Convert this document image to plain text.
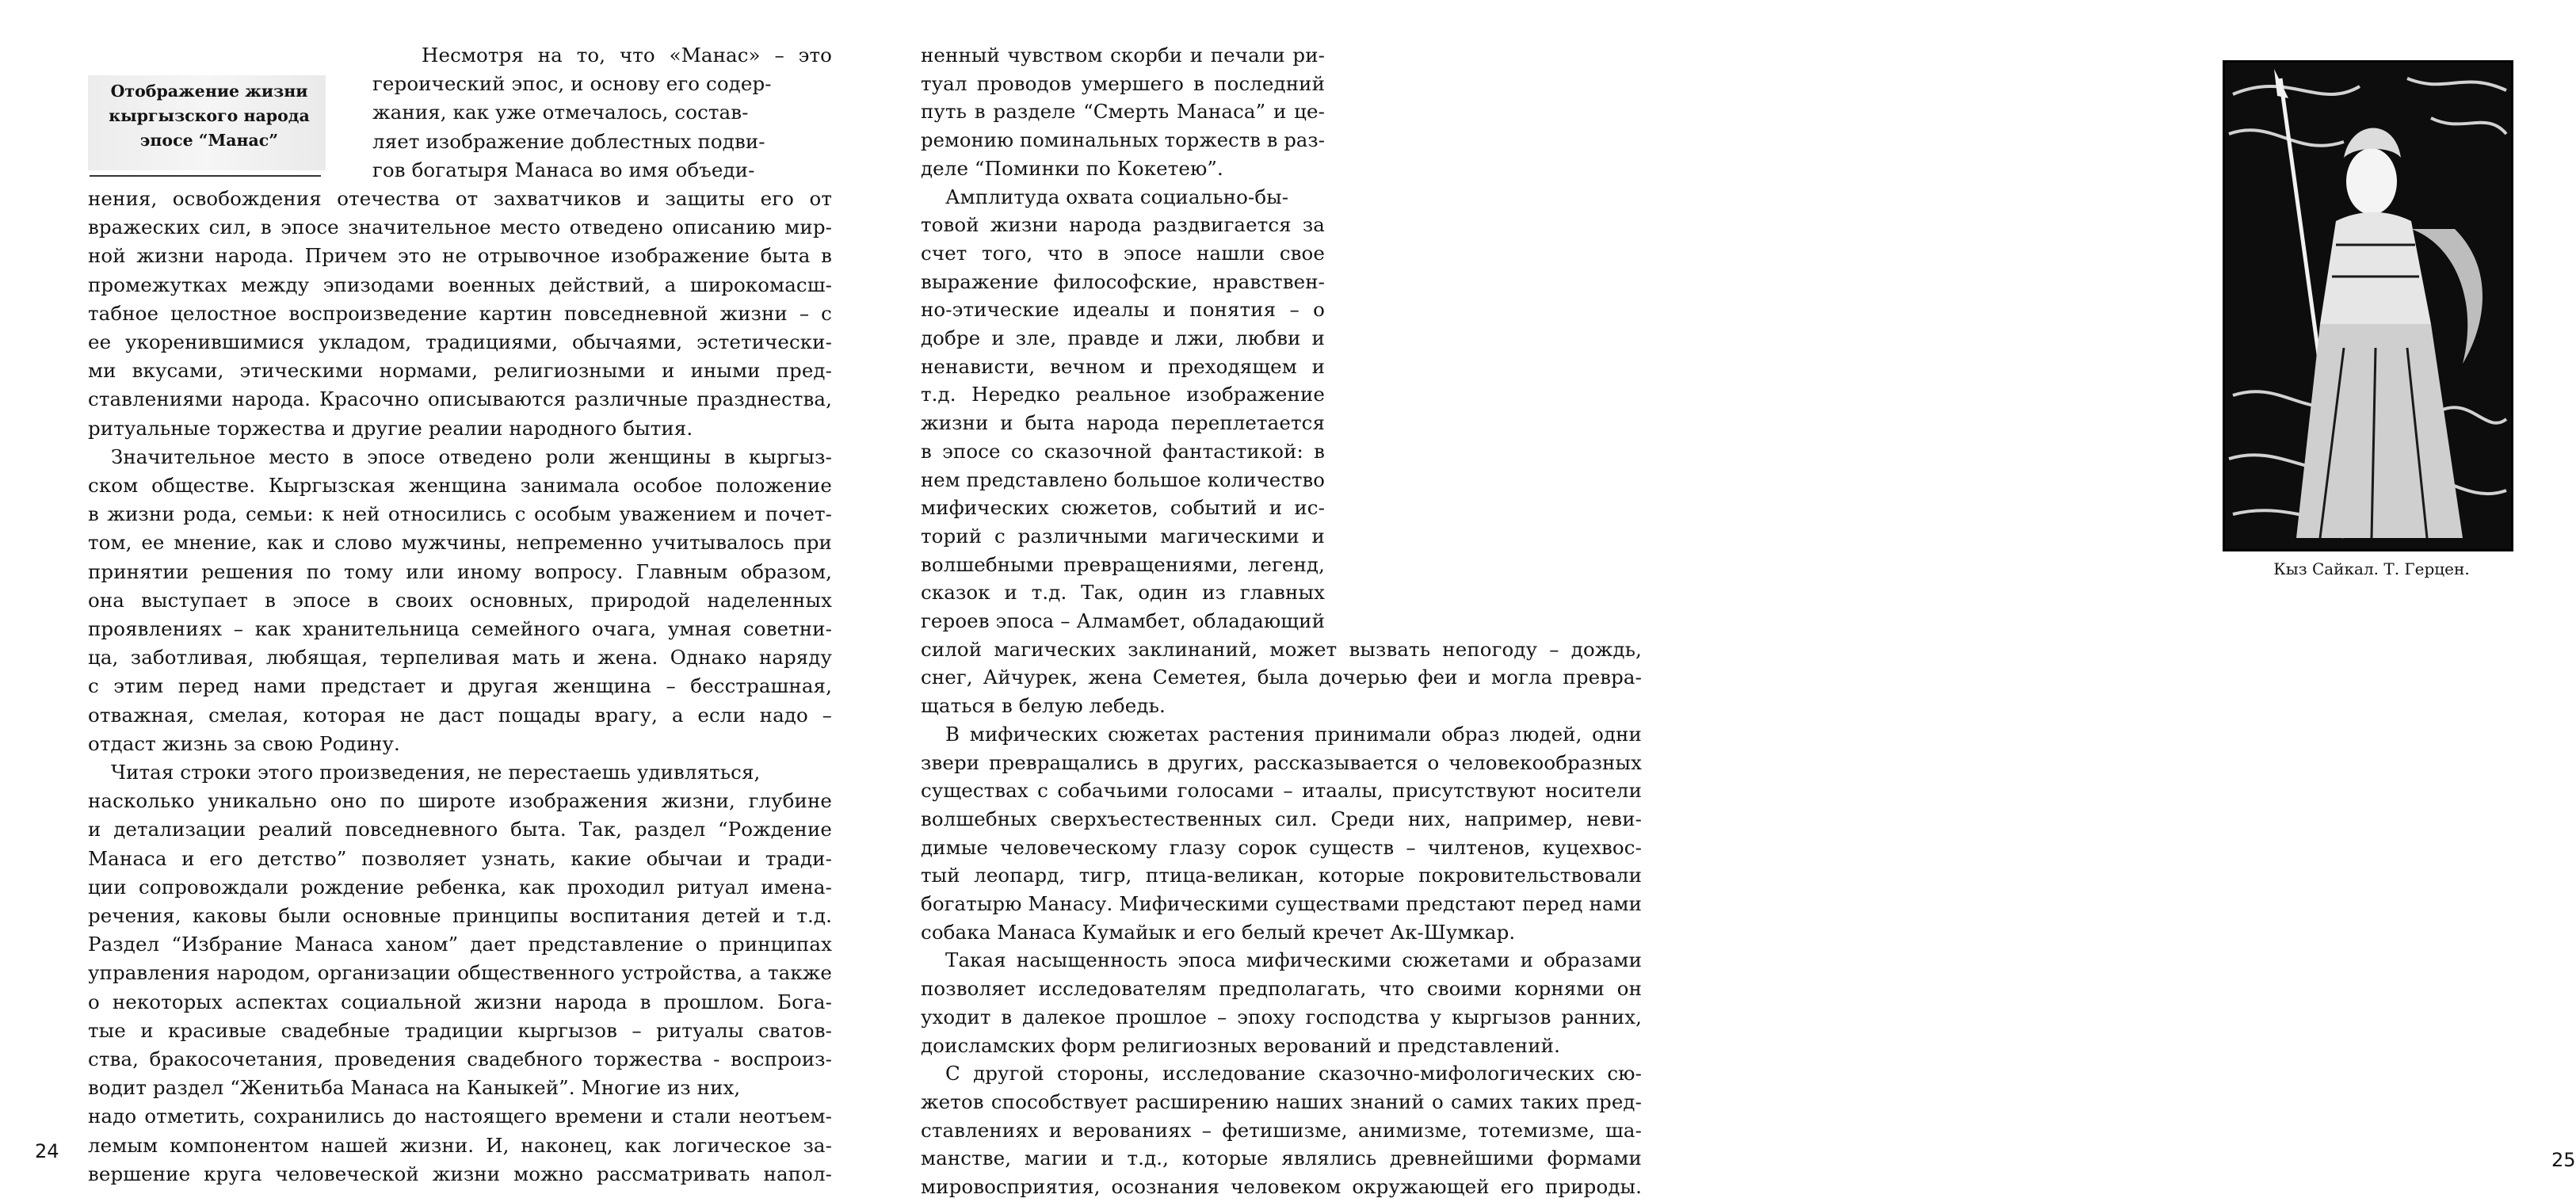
Отображение жизни
кыргызского народа
эпосе “Манас”
Несмотря на то, что «Манас» – это
героический эпос, и основу его содер-
жания, как уже отмечалось, состав-
ляет изображение доблестных подви-
гов богатыря Манаса во имя объеди-
нения, освобождения отечества от захватчиков и защиты его от
вражеских сил, в эпосе значительное место отведено описанию мир-
ной жизни народа. Причем это не отрывочное изображение быта в
промежутках между эпизодами военных действий, а широкомасш-
табное целостное воспроизведение картин повседневной жизни – с
ее укоренившимися укладом, традициями, обычаями, эстетически-
ми вкусами, этическими нормами, религиозными и иными пред-
ставлениями народа. Красочно описываются различные празднества,
ритуальные торжества и другие реалии народного бытия.
Значительное место в эпосе отведено роли женщины в кыргыз-
ском обществе. Кыргызская женщина занимала особое положение
в жизни рода, семьи: к ней относились с особым уважением и почет-
том, ее мнение, как и слово мужчины, непременно учитывалось при
принятии решения по тому или иному вопросу. Главным образом,
она выступает в эпосе в своих основных, природой наделенных
проявлениях – как хранительница семейного очага, умная советни-
ца, заботливая, любящая, терпеливая мать и жена. Однако наряду
с этим перед нами предстает и другая женщина – бесстрашная,
отважная, смелая, которая не даст пощады врагу, а если надо –
отдаст жизнь за свою Родину.
Читая строки этого произведения, не перестаешь удивляться,
насколько уникально оно по широте изображения жизни, глубине
и детализации реалий повседневного быта. Так, раздел “Рождение
Манаса и его детство” позволяет узнать, какие обычаи и тради-
ции сопровождали рождение ребенка, как проходил ритуал имена-
речения, каковы были основные принципы воспитания детей и т.д.
Раздел “Избрание Манаса ханом” дает представление о принципах
управления народом, организации общественного устройства, а также
о некоторых аспектах социальной жизни народа в прошлом. Бога-
тые и красивые свадебные традиции кыргызов – ритуалы сватов-
ства, бракосочетания, проведения свадебного торжества - воспроиз-
водит раздел “Женитьба Манаса на Каныкей”. Многие из них,
надо отметить, сохранились до настоящего времени и стали неотъем-
лемым компонентом нашей жизни. И, наконец, как логическое за-
вершение круга человеческой жизни можно рассматривать напол-
24
Кыз Сайкал. Т. Герцен.
ненный чувством скорби и печали ри-
туал проводов умершего в последний
путь в разделе “Смерть Манаса” и це-
ремонию поминальных торжеств в раз-
деле “Поминки по Кокетею”.
Амплитуда охвата социально-бы-
товой жизни народа раздвигается за
счет того, что в эпосе нашли свое
выражение философские, нравствен-
но-этические идеалы и понятия – о
добре и зле, правде и лжи, любви и
ненависти, вечном и преходящем и
т.д. Нередко реальное изображение
жизни и быта народа переплетается
в эпосе со сказочной фантастикой: в
нем представлено большое количество
мифических сюжетов, событий и ис-
торий с различными магическими и
волшебными превращениями, легенд,
сказок и т.д. Так, один из главных
героев эпоса – Алмамбет, обладающий
силой магических заклинаний, может вызвать непогоду – дождь,
снег, Айчурек, жена Семетея, была дочерью феи и могла превра-
щаться в белую лебедь.
В мифических сюжетах растения принимали образ людей, одни
звери превращались в других, рассказывается о человекообразных
существах с собачьими голосами – итаалы, присутствуют носители
волшебных сверхъестественных сил. Среди них, например, неви-
димые человеческому глазу сорок существ – чилтенов, куцехвос-
тый леопард, тигр, птица-великан, которые покровительствовали
богатырю Манасу. Мифическими существами предстают перед нами
собака Манаса Кумайык и его белый кречет Ак-Шумкар.
Такая насыщенность эпоса мифическими сюжетами и образами
позволяет исследователям предполагать, что своими корнями он
уходит в далекое прошлое – эпоху господства у кыргызов ранних,
доисламских форм религиозных верований и представлений.
С другой стороны, исследование сказочно-мифологических сю-
жетов способствует расширению наших знаний о самих таких пред-
ставлениях и верованиях – фетишизме, анимизме, тотемизме, ша-
манстве, магии и т.д., которые являлись древнейшими формами
мировосприятия, осознания человеком окружающей его природы.
25
